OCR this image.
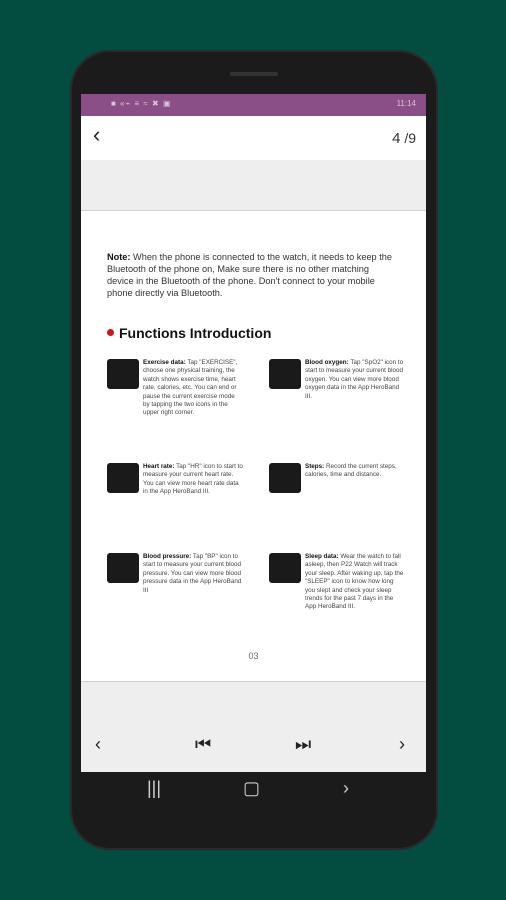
■ «⌁ ≡ ≈ ✖ ▣	11:14
‹	4 /9
Note: When the phone is connected to the watch, it needs to keep the Bluetooth of the phone on, Make sure there is no other matching device in the Bluetooth of the phone. Don't connect to your mobile phone directly via Bluetooth.
Functions Introduction
Exercise data: Tap "EXERCISE", choose one physical training, the watch shows exercise time, heart rate, calories, etc. You can end or pause the current exercise mode by tapping the two icons in the upper right corner.
Blood oxygen: Tap "SpO2" icon to start to measure your current blood oxygen. You can view more blood oxygen data in the App HeroBand III.
Heart rate: Tap "HR" icon to start to measure your current heart rate. You can view more heart rate data in the App HeroBand III.
Steps: Record the current steps, calories, time and distance.
Blood pressure: Tap "BP" icon to start to measure your current blood pressure. You can view more blood pressure data in the App HeroBand III
Sleep data: Wear the watch to fall asleep, then P22 Watch will track your sleep. After waking up, tap the "SLEEP" icon to know how long you slept and check your sleep trends for the past 7 days in the App HeroBand III.
03
‹	⏮	⏭	›
|||	▢	›
